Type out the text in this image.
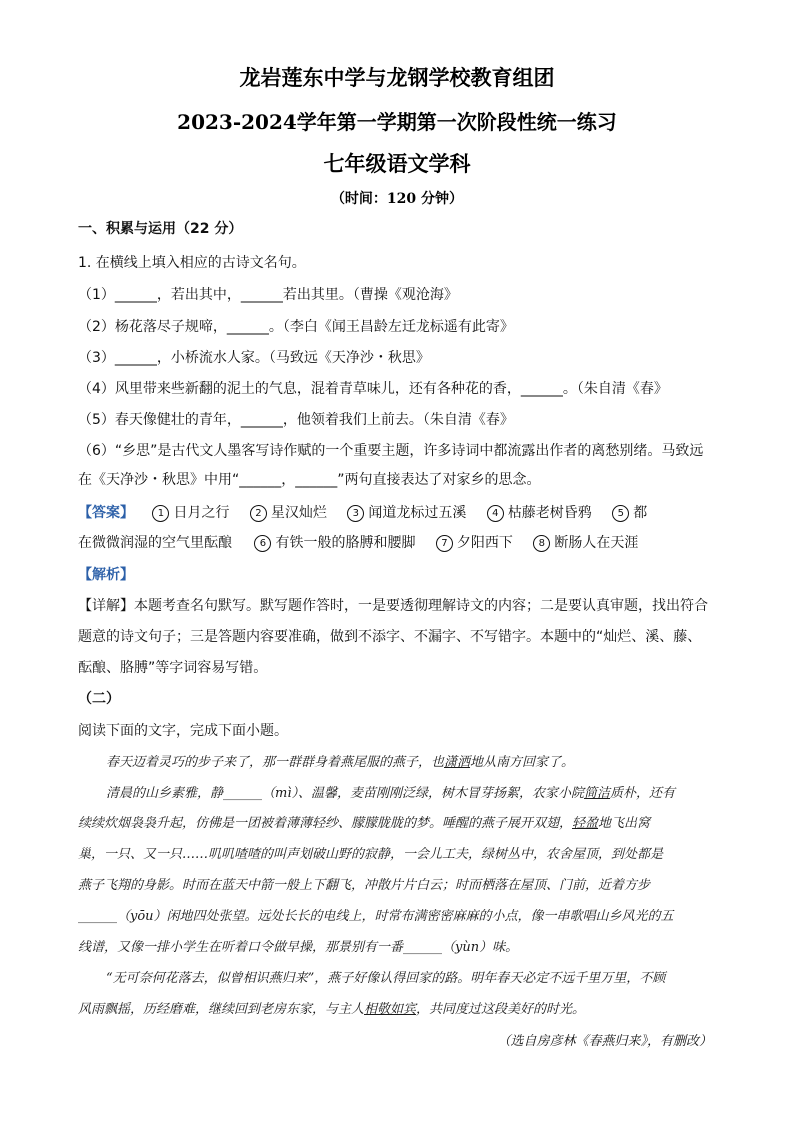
龙岩莲东中学与龙钢学校教育组团
2023-2024学年第一学期第一次阶段性统一练习
七年级语文学科
（时间：120 分钟）
一、积累与运用（22 分）
1. 在横线上填入相应的古诗文名句。
（1）______，若出其中，______若出其里。（曹操《观沧海》
（2）杨花落尽子规啼，______。（李白《闻王昌龄左迁龙标遥有此寄》
（3）______，小桥流水人家。（马致远《天净沙・秋思》
（4）风里带来些新翻的泥土的气息，混着青草味儿，还有各种花的香，______。（朱自清《春》
（5）春天像健壮的青年，______，他领着我们上前去。（朱自清《春》
（6）“乡思”是古代文人墨客写诗作赋的一个重要主题，许多诗词中都流露出作者的离愁别绪。马致远
在《天净沙・秋思》中用“______，______”两句直接表达了对家乡的思念。
【答案】 1 日月之行	2 星汉灿烂	3 闻道龙标过五溪	4 枯藤老树昏鸦	5 都
在微微润湿的空气里酝酿	6 有铁一般的胳膊和腰脚	7 夕阳西下	8 断肠人在天涯
【解析】
【详解】本题考查名句默写。默写题作答时，一是要透彻理解诗文的内容；二是要认真审题，找出符合
题意的诗文句子；三是答题内容要准确，做到不添字、不漏字、不写错字。本题中的“灿烂、溪、藤、
酝酿、胳膊”等字词容易写错。
（二）
阅读下面的文字，完成下面小题。
春天迈着灵巧的步子来了，那一群群身着燕尾服的燕子，也潇洒地从南方回家了。
清晨的山乡素雅，静______（mì）、温馨，麦苗刚刚泛绿，树木冒芽扬絮，农家小院简洁质朴，还有
续续炊烟袅袅升起，仿佛是一团被着薄薄轻纱、朦朦胧胧的梦。唾醒的燕子展开双翅，轻盈地飞出窝
巢，一只、又一只……叽叽喳喳的叫声划破山野的寂静，一会儿工夫，绿树丛中，农舍屋顶，到处都是
燕子飞翔的身影。时而在蓝天中箭一般上下翻飞，冲散片片白云；时而栖落在屋顶、门前，近着方步
______（yōu）闲地四处张望。远处长长的电线上，时常布满密密麻麻的小点，像一串歌唱山乡风光的五
线谱，又像一排小学生在听着口令做早操，那景别有一番______（yùn）味。
“无可奈何花落去，似曾相识燕归来”，燕子好像认得回家的路。明年春天必定不远千里万里，不顾
风雨飘摇，历经磨难，继续回到老房东家，与主人相敬如宾，共同度过这段美好的时光。
（选自房彦林《春燕归来》，有删改）
